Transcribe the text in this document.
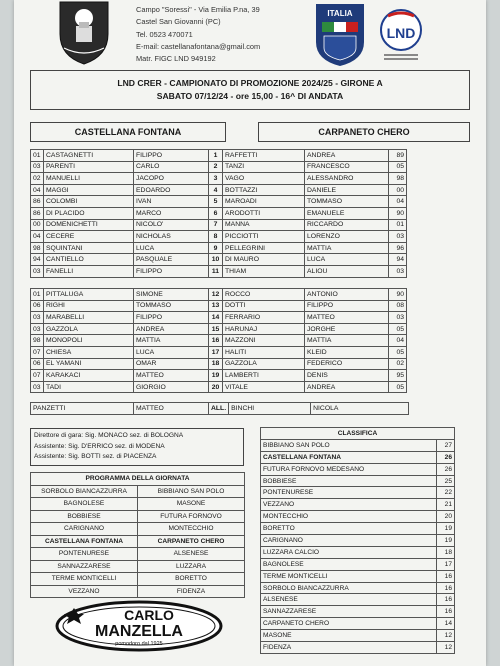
Campo "Soressi" - Via Emilia P.na, 39
Castel San Giovanni (PC)
Tel. 0523 470071
E-mail: castellanafontana@gmail.com
Matr. FIGC LND 949192
ITALIA
LND
LND CRER - CAMPIONATO DI PROMOZIONE 2024/25 - GIRONE A
SABATO 07/12/24 - ore 15,00 - 16^ DI ANDATA
CASTELLANA FONTANA	CARPANETO CHERO
01	CASTAGNETTI	FILIPPO	1	RAFFETTI	ANDREA	89
03	PARENTI	CARLO	2	TANZI	FRANCESCO	05
02	MANUELLI	JACOPO	3	VAGO	ALESSANDRO	98
04	MAGGI	EDOARDO	4	BOTTAZZI	DANIELE	00
86	COLOMBI	IVAN	5	MAROADI	TOMMASO	04
86	DI PLACIDO	MARCO	6	ARODOTTI	EMANUELE	90
00	DOMENICHETTI	NICOLO'	7	MANNA	RICCARDO	01
04	CECERE	NICHOLAS	8	PICCIOTTI	LORENZO	03
98	SQUINTANI	LUCA	9	PELLEGRINI	MATTIA	96
94	CANTIELLO	PASQUALE	10	DI MAURO	LUCA	94
03	FANELLI	FILIPPO	11	THIAM	ALIOU	03
01	PITTALUGA	SIMONE	12	ROCCO	ANTONIO	90
06	RIGHI	TOMMASO	13	DOTTI	FILIPPO	08
03	MARABELLI	FILIPPO	14	FERRARIO	MATTEO	03
03	GAZZOLA	ANDREA	15	HARUNAJ	JORGHE	05
98	MONOPOLI	MATTIA	16	MAZZONI	MATTIA	04
07	CHIESA	LUCA	17	HALITI	KLEID	05
06	EL YAMANI	OMAR	18	GAZZOLA	FEDERICO	02
07	KARAKACI	MATTEO	19	LAMBERTI	DENIS	95
03	TADI	GIORGIO	20	VITALE	ANDREA	05
PANZETTI	MATTEO	ALL.	BINCHI	NICOLA
Direttore di gara: Sig. MONACO sez. di BOLOGNA
Assistente: Sig. D'ERRICO sez. di MODENA
Assistente: Sig. BOTTI sez. di PIACENZA
PROGRAMMA DELLA GIORNATA	
SORBOLO BIANCAZZURRA	BIBBIANO SAN POLO
BAGNOLESE	MASONE
BOBBIESE	FUTURA FORNOVO
CARIGNANO	MONTECCHIO
CASTELLANA FONTANA	CARPANETO CHERO
PONTENURESE	ALSENESE
SANNAZZARESE	LUZZARA
TERME MONTICELLI	BORETTO
VEZZANO	FIDENZA
CLASSIFICA	
BIBBIANO SAN POLO	27
CASTELLANA FONTANA	26
FUTURA FORNOVO MEDESANO	26
BOBBIESE	25
PONTENURESE	22
VEZZANO	21
MONTECCHIO	20
BORETTO	19
CARIGNANO	19
LUZZARA CALCIO	18
BAGNOLESE	17
TERME MONTICELLI	16
SORBOLO BIANCAZZURRA	16
ALSENESE	16
SANNAZZARESE	16
CARPANETO CHERO	14
MASONE	12
FIDENZA	12
CARLO
MANZELLA
pomodoro dal 1925
